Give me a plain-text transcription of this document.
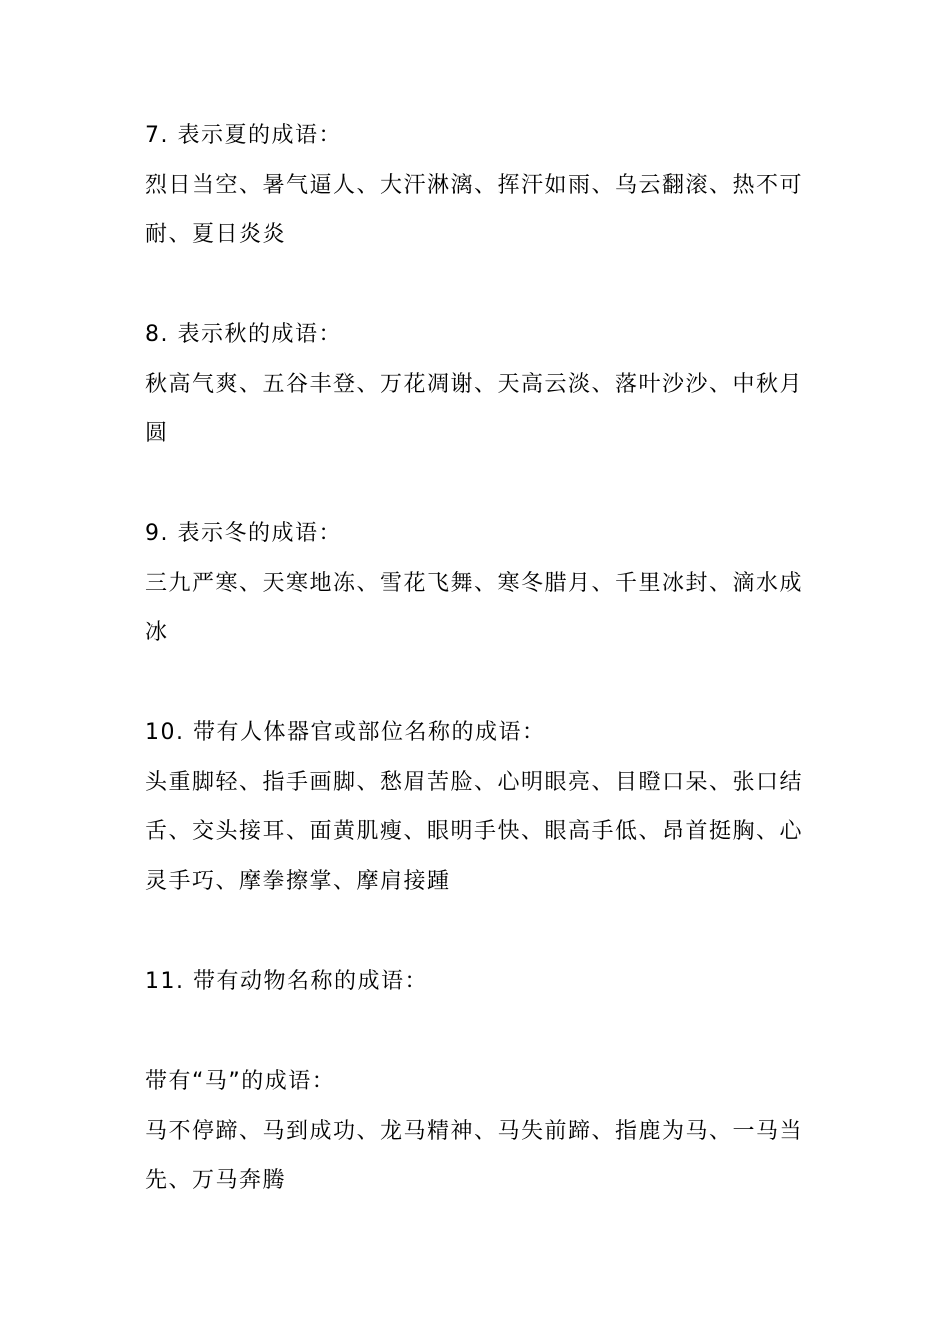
7. 表示夏的成语：
烈日当空、暑气逼人、大汗淋漓、挥汗如雨、乌云翻滚、热不可
耐、夏日炎炎
8. 表示秋的成语：
秋高气爽、五谷丰登、万花凋谢、天高云淡、落叶沙沙、中秋月
圆
9. 表示冬的成语：
三九严寒、天寒地冻、雪花飞舞、寒冬腊月、千里冰封、滴水成
冰
10. 带有人体器官或部位名称的成语：
头重脚轻、指手画脚、愁眉苦脸、心明眼亮、目瞪口呆、张口结
舌、交头接耳、面黄肌瘦、眼明手快、眼高手低、昂首挺胸、心
灵手巧、摩拳擦掌、摩肩接踵
11. 带有动物名称的成语：
带有“马”的成语：
马不停蹄、马到成功、龙马精神、马失前蹄、指鹿为马、一马当
先、万马奔腾
